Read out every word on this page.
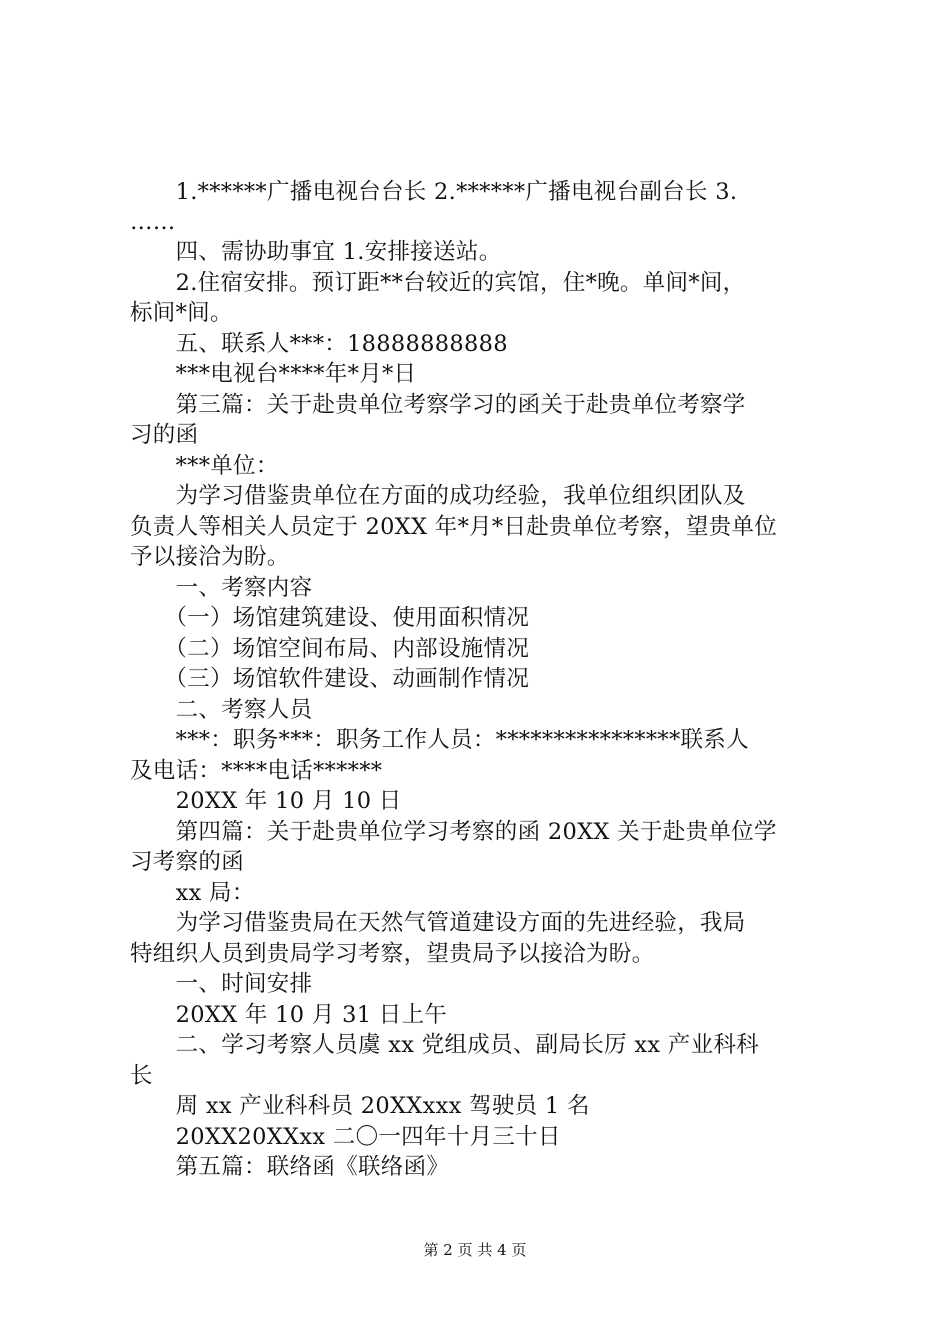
　　1.******广播电视台台长 2.******广播电视台副台长 3.
……
　　四、需协助事宜 1.安排接送站。
　　2.住宿安排。预订距**台较近的宾馆，住*晚。单间*间，
标间*间。
　　五、联系人***：18888888888
　　***电视台****年*月*日
　　第三篇：关于赴贵单位考察学习的函关于赴贵单位考察学
习的函
　　***单位：
　　为学习借鉴贵单位在方面的成功经验，我单位组织团队及
负责人等相关人员定于 20XX 年*月*日赴贵单位考察，望贵单位
予以接洽为盼。
　　一、考察内容
　　（一）场馆建筑建设、使用面积情况
　　（二）场馆空间布局、内部设施情况
　　（三）场馆软件建设、动画制作情况
　　二、考察人员
　　***：职务***：职务工作人员：****************联系人
及电话：****电话******
　　20XX 年 10 月 10 日
　　第四篇：关于赴贵单位学习考察的函 20XX 关于赴贵单位学
习考察的函
　　xx 局：
　　为学习借鉴贵局在天然气管道建设方面的先进经验，我局
特组织人员到贵局学习考察，望贵局予以接洽为盼。
　　一、时间安排
　　20XX 年 10 月 31 日上午
　　二、学习考察人员虞 xx 党组成员、副局长厉 xx 产业科科
长
　　周 xx 产业科科员 20XXxxx 驾驶员 1 名
　　20XX20XXxx 二〇一四年十月三十日
　　第五篇：联络函《联络函》
第 2 页 共 4 页
